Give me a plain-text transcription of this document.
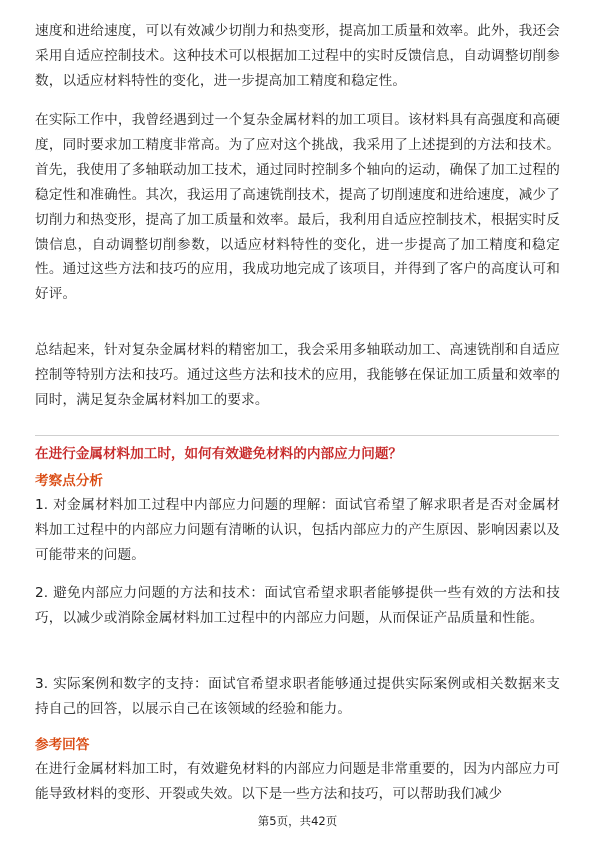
速度和进给速度，可以有效减少切削力和热变形，提高加工质量和效率。此外，我还会采用自适应控制技术。这种技术可以根据加工过程中的实时反馈信息，自动调整切削参数，以适应材料特性的变化，进一步提高加工精度和稳定性。

在实际工作中，我曾经遇到过一个复杂金属材料的加工项目。该材料具有高强度和高硬度，同时要求加工精度非常高。为了应对这个挑战，我采用了上述提到的方法和技术。首先，我使用了多轴联动加工技术，通过同时控制多个轴向的运动，确保了加工过程的稳定性和准确性。其次，我运用了高速铣削技术，提高了切削速度和进给速度，减少了切削力和热变形，提高了加工质量和效率。最后，我利用自适应控制技术，根据实时反馈信息，自动调整切削参数，以适应材料特性的变化，进一步提高了加工精度和稳定性。通过这些方法和技巧的应用，我成功地完成了该项目，并得到了客户的高度认可和好评。

总结起来，针对复杂金属材料的精密加工，我会采用多轴联动加工、高速铣削和自适应控制等特别方法和技巧。通过这些方法和技术的应用，我能够在保证加工质量和效率的同时，满足复杂金属材料加工的要求。

在进行金属材料加工时，如何有效避免材料的内部应力问题？

考察点分析

1. 对金属材料加工过程中内部应力问题的理解：面试官希望了解求职者是否对金属材料加工过程中的内部应力问题有清晰的认识，包括内部应力的产生原因、影响因素以及可能带来的问题。

2. 避免内部应力问题的方法和技术：面试官希望求职者能够提供一些有效的方法和技巧，以减少或消除金属材料加工过程中的内部应力问题，从而保证产品质量和性能。

3. 实际案例和数字的支持：面试官希望求职者能够通过提供实际案例或相关数据来支持自己的回答，以展示自己在该领域的经验和能力。

参考回答

在进行金属材料加工时，有效避免材料的内部应力问题是非常重要的，因为内部应力可能导致材料的变形、开裂或失效。以下是一些方法和技巧，可以帮助我们减少

第5页，共42页
